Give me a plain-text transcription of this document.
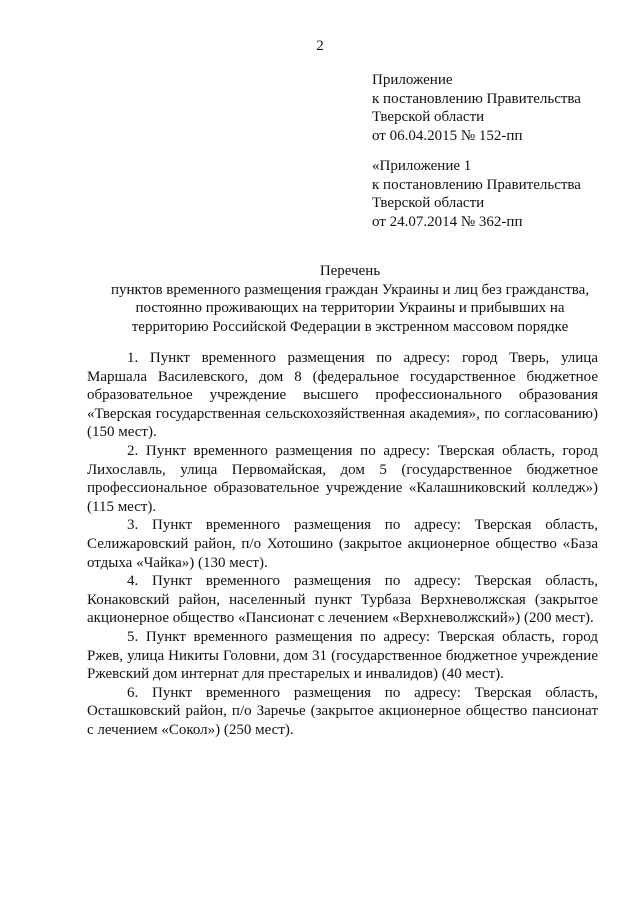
2
Приложение
к постановлению Правительства
Тверской области
от 06.04.2015 № 152-пп
«Приложение 1
к постановлению Правительства
Тверской области
от 24.07.2014 № 362-пп
Перечень
пунктов временного размещения граждан Украины и лиц без гражданства,
постоянно проживающих на территории Украины и прибывших на
территорию Российской Федерации в экстренном массовом порядке

1. Пункт временного размещения по адресу: город Тверь, улица Маршала Василевского, дом 8 (федеральное государственное бюджетное образовательное учреждение высшего профессионального образования «Тверская государственная сельскохозяйственная академия», по согласованию) (150 мест).

2. Пункт временного размещения по адресу: Тверская область, город Лихославль, улица Первомайская, дом 5 (государственное бюджетное профессиональное образовательное учреждение «Калашниковский колледж») (115 мест).

3. Пункт временного размещения по адресу: Тверская область, Селижаровский район, п/о Хотошино (закрытое акционерное общество «База отдыха «Чайка») (130 мест).

4. Пункт временного размещения по адресу: Тверская область, Конаковский район, населенный пункт Турбаза Верхневолжская (закрытое акционерное общество «Пансионат с лечением «Верхневолжский») (200 мест).

5. Пункт временного размещения по адресу: Тверская область, город Ржев, улица Никиты Головни, дом 31 (государственное бюджетное учреждение Ржевский дом интернат для престарелых и инвалидов) (40 мест).

6. Пункт временного размещения по адресу: Тверская область, Осташковский район, п/о Заречье (закрытое акционерное общество пансионат с лечением «Сокол») (250 мест).
